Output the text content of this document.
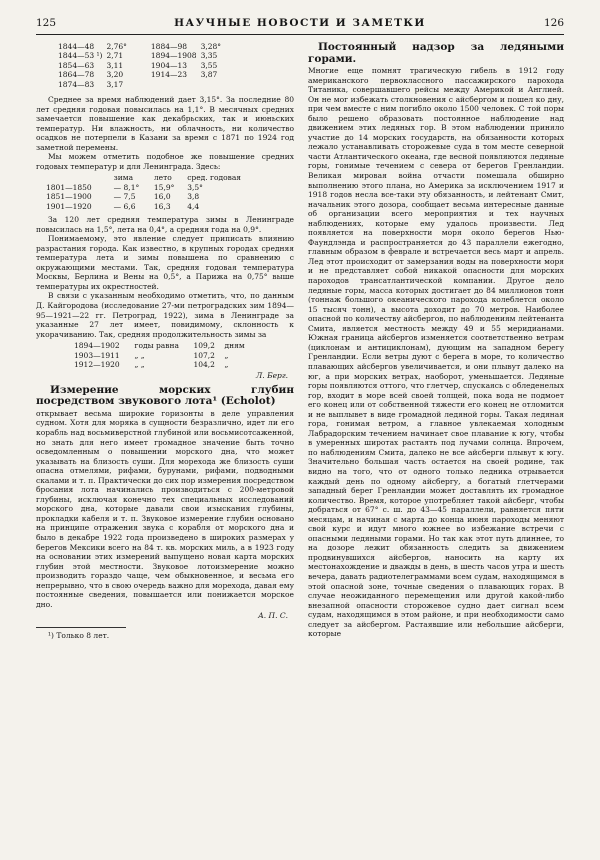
125	НАУЧНЫЕ НОВОСТИ И ЗАМЕТКИ	126
1844—48	2,76°	1884—98	3,28°
1844—53 ¹)	2,71	1894—1908	3,35
1854—63	3,11	1904—13	3,55
1864—78	3,20	1914—23	3,87
1874—83	3,17		

Среднее за время наблюдений дает 3,15°. За последние 80 лет средняя годовая повысилась на 1,1°. В месячных средних замечается повышение как декабрьских, так и июньских температур. Ни влажность, ни облачность, ни количество осадков не потерпели в Казани за время с 1871 по 1924 год заметной перемены.

Мы можем отметить подобное же повышение средних годовых температур и для Ленинграда. Здесь:

	зима	лето	сред. годовая
1801—1850	— 8,1°	15,9°	3,5°
1851—1900	— 7,5	16,0	3,8
1901—1920	— 6,6	16,3	4,4

За 120 лет средняя температура зимы в Ленинграде повысилась на 1,5°, лета на 0,4°, а средняя года на 0,9°.

Понимаемому, это явление следует приписать влиянию разрастания города. Как известно, в крупных городах средняя температура лета и зимы повышена по сравнению с окружающими местами. Так, средняя годовая температура Москвы, Берлина и Вены на 0,5°, а Парижа на 0,75° выше температуры их окрестностей.

В связи с указанным необходимо отметить, что, по данным Д. Кайгородова (исследование 27-ми петроградских зим 1894—95—1921—22 гг. Петроград, 1922), зима в Ленинграде за указанные 27 лет имеет, повидимому, склонность к укорачиванию. Так, средняя продолжительность зимы за

1894—1902	годы равна	109,2	дням
1903—1911	„ „	107,2	„
1912—1920	„ „	104,2	„
Л. Берг.
Измерение морских глубин посредством звукового лота¹ (Echolot)

открывает весьма широкие горизонты в деле управления судном. Хотя для моряка в сущности безразлично, идет ли его корабль над восьмиверстной глубиной или восьмисотсаженной, но знать для него имеет громадное значение быть точно осведомленным о повышении морского дна, что может указывать на близость суши. Для морехода же близость суши опасна отмелями, рифами, бурунами, рифами, подводными скалами и т. п. Практически до сих пор измерения посредством бросания лота начинались производиться с 200-метровой глубины, исключая конечно тех специальных исследований морского дна, которые давали свои изыскания глубины, прокладки кабеля и т. п. Звуковое измерение глубин основано на принципе отражения звука с корабля от морского дна и было в декабре 1922 года произведено в широких размерах у берегов Мексики всего на 84 т. кв. морских миль, а в 1923 году на основании этих измерений выпущено новая карта морских глубин этой местности. Звуковое лотоизмерение можно производить гораздо чаще, чем обыкновенное, и весьма его непрерывно, что в свою очередь важно для морехода, давая ему постоянные сведения, повышается или понижается морское дно.

А. П. С.
¹) Только 8 лет.
Постоянный надзор за ледяными горами.

Многие еще помнят трагическую гибель в 1912 году американского первоклассного пассажирского парохода Титаника, совершавшего рейсы между Америкой и Англией. Он не мог избежать столкновения с айсбергом и пошел ко дну, при чем вместе с ним погибло около 1500 человек. С той поры было решено образовать постоянное наблюдение над движением этих ледяных гор. В этом наблюдении приняло участие до 14 морских государств, на обязанности которых лежало устанавливать сторожевые суда в том месте северной части Атлантического океана, где весной появляются ледяные горы, гонимые течением с севера от берегов Гренландии. Великая мировая война отчасти помешала обширно выполнению этого плана, но Америка за исключением 1917 и 1918 годов несла все-таки эту обязанность, и лейтенант Смит, начальник этого дозора, сообщает весьма интересные данные об организации всего мероприятия и тех научных наблюдениях, которые ему удалось произвести. Лед появляется на поверхности моря около берегов Нью-Фаундлэнда и распространяется до 43 параллели ежегодно, главным образом в феврале и встречается весь март и апрель. Лед этот происходит от замерзания воды на поверхности моря и не представляет собой никакой опасности для морских пароходов трансатлантической компании. Другое дело ледяные горы, масса которых достигает до 84 миллионов тонн (тоннаж большого океанического парохода колеблется около 15 тысяч тонн), а высота доходит до 70 метров. Наиболее опасной по количеству айсбергов, по наблюдениям лейтенанта Смита, является местность между 49 и 55 меридианами. Южная граница айсбергов изменяется соответственно ветрам (циклонам и антициклонам), дующим на западном берегу Гренландии. Если ветры дуют с берега в море, то количество плавающих айсбергов увеличивается, и они плывут далеко на юг, а при морских ветрах, наоборот, уменьшается. Ледяные горы появляются оттого, что глетчер, спускаясь с обледенелых гор, входит в море всей своей толщей, пока вода не подмоет его конец или от собственной тяжести его конец не отломится и не выплывет в виде громадной ледяной горы. Такая ледяная гора, гонимая ветром, а главное увлекаемая холодным Лабрадорским течением начинает свое плавание к югу, чтобы в умеренных широтах растаять под лучами солнца. Впрочем, по наблюдениям Смита, далеко не все айсберги плывут к югу. Значительно большая часть остается на своей родине, так видно на того, что от одного только ледника отрывается каждый день по одному айсбергу, а богатый глетчерами западный берег Гренландии может доставлять их громадное количество. Время, которое употребляет такой айсберг, чтобы добраться от 67° с. ш. до 43—45 параллели, равняется пяти месяцам, и начиная с марта до конца июня пароходы меняют свой курс и идут много южнее во избежание встречи с опасными ледяными горами. Но так как этот путь длиннее, то на дозоре лежит обязанность следить за движением продвинувшихся айсбергов, наносить на карту их местонахождение и дважды в день, в шесть часов утра и шесть вечера, давать радиотелеграммами всем судам, находящимся в этой опасной зоне, точные сведения о плавающих горах. В случае неожиданного перемещения или другой какой-либо внезапной опасности сторожевое судно дает сигнал всем судам, находящимся в этом районе, и при необходимости само следует за айсбергом. Растаявшие или небольшие айсберги, которые
